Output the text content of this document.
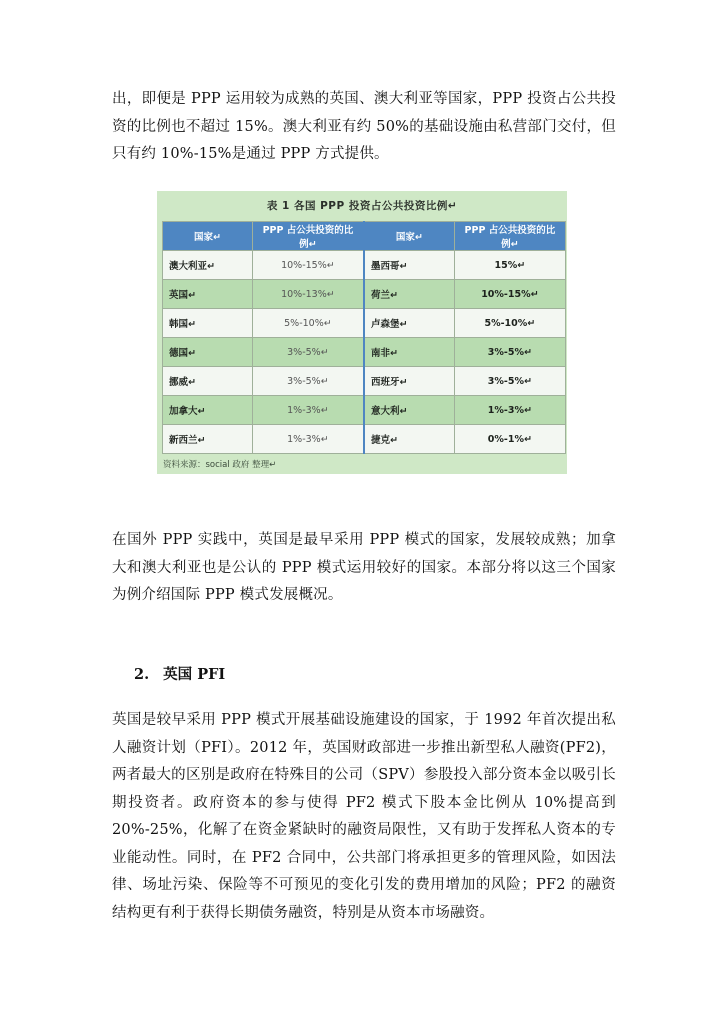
出，即便是 PPP 运用较为成熟的英国、澳大利亚等国家，PPP 投资占公共投资的比例也不超过 15%。澳大利亚有约 50%的基础设施由私营部门交付，但只有约 10%-15%是通过 PPP 方式提供。

表 1 各国 PPP 投资占公共投资比例↵
国家↵	PPP 占公共投资的比例↵	国家↵	PPP 占公共投资的比例↵
澳大利亚↵	10%-15%↵	墨西哥↵	15%↵
英国↵	10%-13%↵	荷兰↵	10%-15%↵
韩国↵	5%-10%↵	卢森堡↵	5%-10%↵
德国↵	3%-5%↵	南非↵	3%-5%↵
挪威↵	3%-5%↵	西班牙↵	3%-5%↵
加拿大↵	1%-3%↵	意大利↵	1%-3%↵
新西兰↵	1%-3%↵	捷克↵	0%-1%↵
资料来源：social 政府 整理↵

在国外 PPP 实践中，英国是最早采用 PPP 模式的国家，发展较成熟；加拿大和澳大利亚也是公认的 PPP 模式运用较好的国家。本部分将以这三个国家为例介绍国际 PPP 模式发展概况。

2. 英国 PFI

英国是较早采用 PPP 模式开展基础设施建设的国家，于 1992 年首次提出私人融资计划（PFI）。2012 年，英国财政部进一步推出新型私人融资(PF2)，两者最大的区别是政府在特殊目的公司（SPV）参股投入部分资本金以吸引长期投资者。政府资本的参与使得 PF2 模式下股本金比例从 10%提高到 20%-25%，化解了在资金紧缺时的融资局限性，又有助于发挥私人资本的专业能动性。同时，在 PF2 合同中，公共部门将承担更多的管理风险，如因法律、场址污染、保险等不可预见的变化引发的费用增加的风险；PF2 的融资结构更有利于获得长期债务融资，特别是从资本市场融资。
